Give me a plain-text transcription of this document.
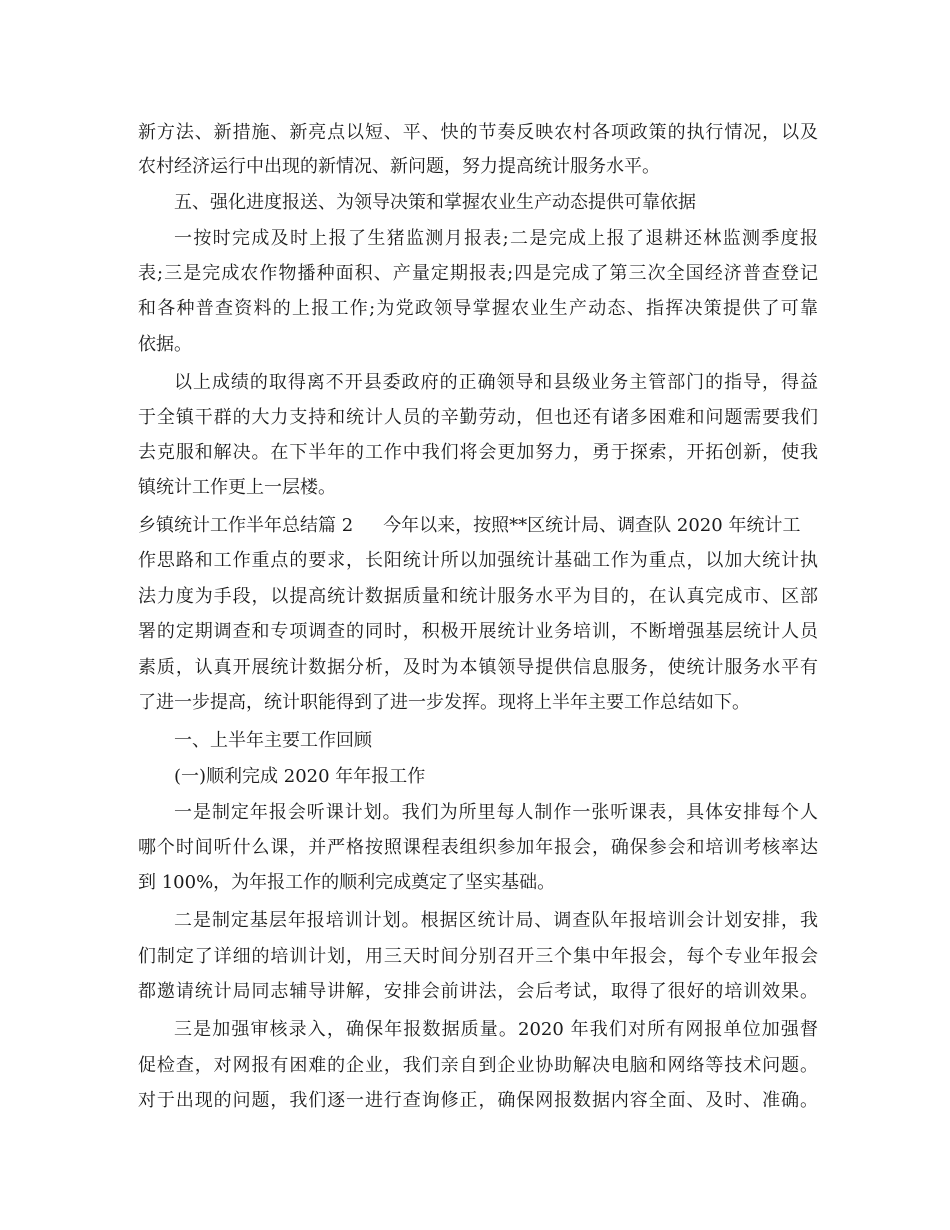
新方法、新措施、新亮点以短、平、快的节奏反映农村各项政策的执行情况，以及
农村经济运行中出现的新情况、新问题，努力提高统计服务水平。
五、强化进度报送、为领导决策和掌握农业生产动态提供可靠依据
一按时完成及时上报了生猪监测月报表;二是完成上报了退耕还林监测季度报
表;三是完成农作物播种面积、产量定期报表;四是完成了第三次全国经济普查登记
和各种普查资料的上报工作;为党政领导掌握农业生产动态、指挥决策提供了可靠
依据。
以上成绩的取得离不开县委政府的正确领导和县级业务主管部门的指导，得益
于全镇干群的大力支持和统计人员的辛勤劳动，但也还有诸多困难和问题需要我们
去克服和解决。在下半年的工作中我们将会更加努力，勇于探索，开拓创新，使我
镇统计工作更上一层楼。
乡镇统计工作半年总结篇 2 今年以来，按照**区统计局、调查队 2020 年统计工
作思路和工作重点的要求，长阳统计所以加强统计基础工作为重点，以加大统计执
法力度为手段，以提高统计数据质量和统计服务水平为目的，在认真完成市、区部
署的定期调查和专项调查的同时，积极开展统计业务培训，不断增强基层统计人员
素质，认真开展统计数据分析，及时为本镇领导提供信息服务，使统计服务水平有
了进一步提高，统计职能得到了进一步发挥。现将上半年主要工作总结如下。
一、上半年主要工作回顾
(一)顺利完成 2020 年年报工作
一是制定年报会听课计划。我们为所里每人制作一张听课表，具体安排每个人
哪个时间听什么课，并严格按照课程表组织参加年报会，确保参会和培训考核率达
到 100%，为年报工作的顺利完成奠定了坚实基础。
二是制定基层年报培训计划。根据区统计局、调查队年报培训会计划安排，我
们制定了详细的培训计划，用三天时间分别召开三个集中年报会，每个专业年报会
都邀请统计局同志辅导讲解，安排会前讲法，会后考试，取得了很好的培训效果。
三是加强审核录入，确保年报数据质量。2020 年我们对所有网报单位加强督
促检查，对网报有困难的企业，我们亲自到企业协助解决电脑和网络等技术问题。
对于出现的问题，我们逐一进行查询修正，确保网报数据内容全面、及时、准确。
